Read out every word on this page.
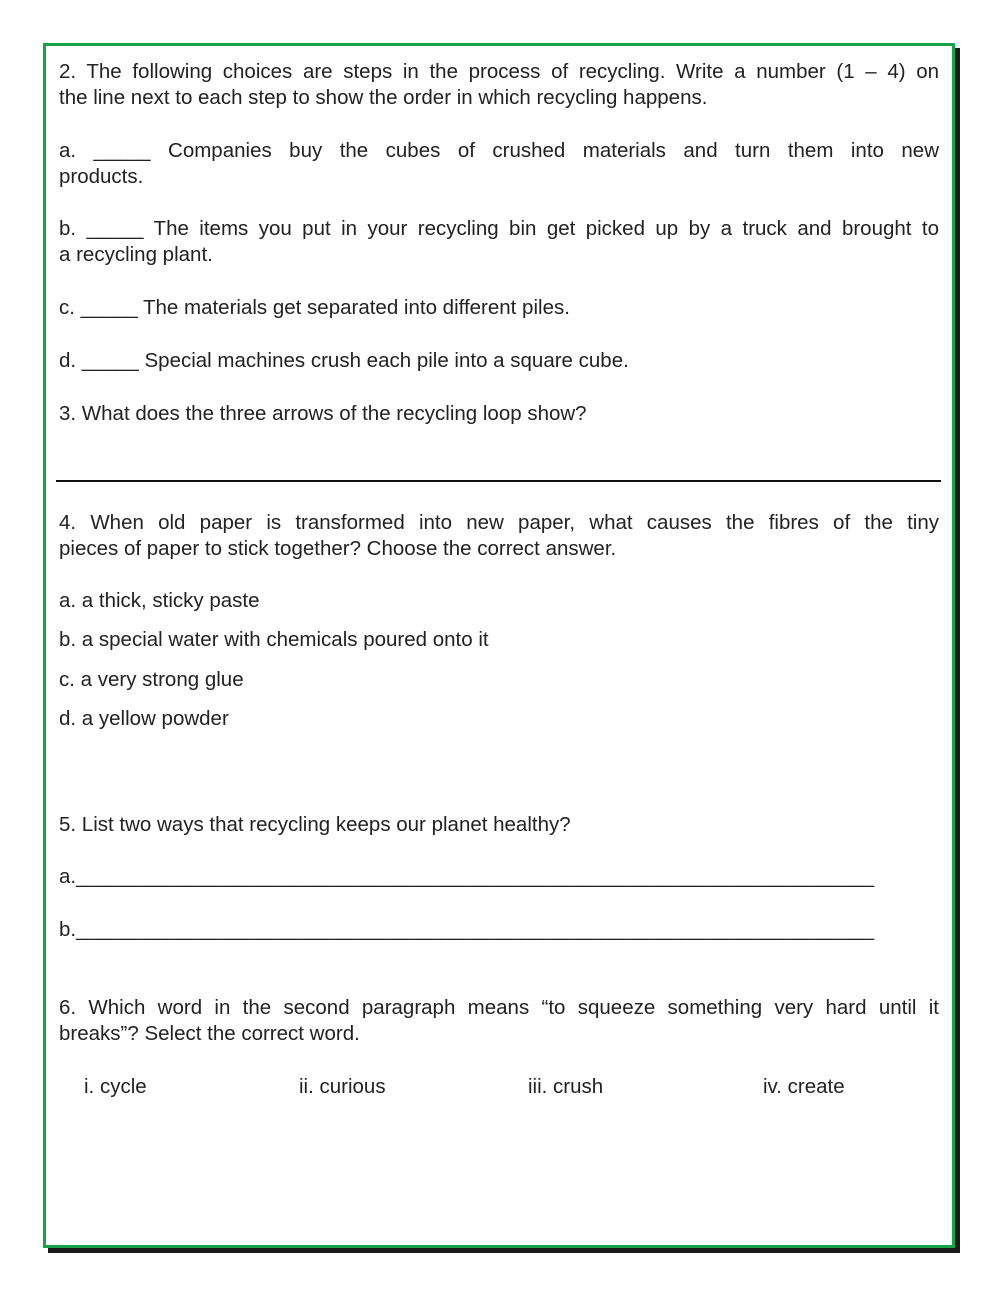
2. The following choices are steps in the process of recycling. Write a number (1 – 4) on
the line next to each step to show the order in which recycling happens.
a. _____ Companies buy the cubes of crushed materials and turn them into new
products.
b. _____ The items you put in your recycling bin get picked up by a truck and brought to
a recycling plant.
c. _____ The materials get separated into different piles.
d. _____ Special machines crush each pile into a square cube.
3. What does the three arrows of the recycling loop show?
4. When old paper is transformed into new paper, what causes the fibres of the tiny
pieces of paper to stick together? Choose the correct answer.
a. a thick, sticky paste
b. a special water with chemicals poured onto it
c. a very strong glue
d. a yellow powder
5. List two ways that recycling keeps our planet healthy?
a.______________________________________________________________________
b.______________________________________________________________________
6. Which word in the second paragraph means “to squeeze something very hard until it
breaks”? Select the correct word.
i. cycle	ii. curious	iii. crush	iv. create
